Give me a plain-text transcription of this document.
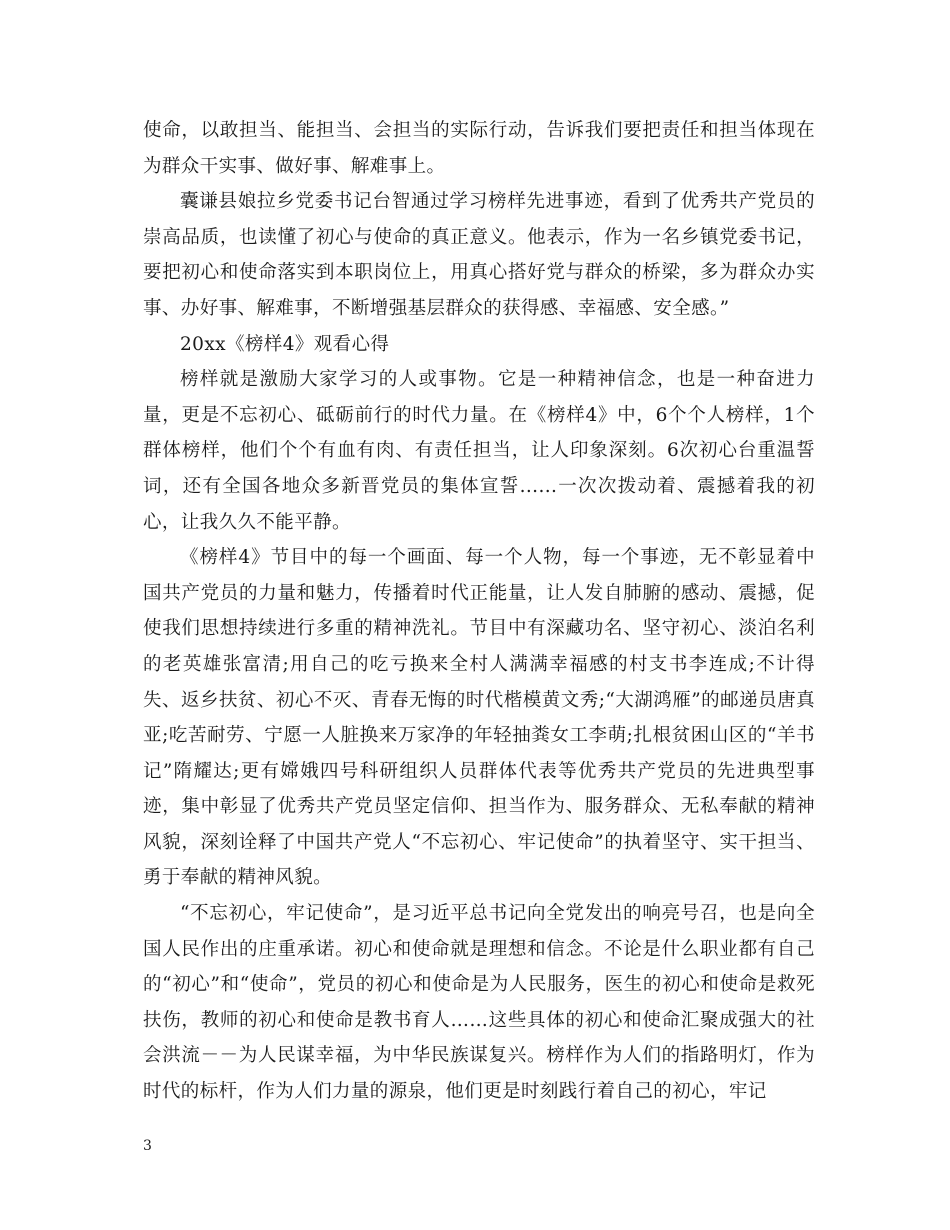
使命，以敢担当、能担当、会担当的实际行动，告诉我们要把责任和担当体现在为群众干实事、做好事、解难事上。

囊谦县娘拉乡党委书记台智通过学习榜样先进事迹，看到了优秀共产党员的崇高品质，也读懂了初心与使命的真正意义。他表示，作为一名乡镇党委书记，要把初心和使命落实到本职岗位上，用真心搭好党与群众的桥梁，多为群众办实事、办好事、解难事，不断增强基层群众的获得感、幸福感、安全感。”

20xx《榜样4》观看心得

榜样就是激励大家学习的人或事物。它是一种精神信念，也是一种奋进力量，更是不忘初心、砥砺前行的时代力量。在《榜样4》中，6个个人榜样，1个群体榜样，他们个个有血有肉、有责任担当，让人印象深刻。6次初心台重温誓词，还有全国各地众多新晋党员的集体宣誓......一次次拨动着、震撼着我的初心，让我久久不能平静。

《榜样4》节目中的每一个画面、每一个人物，每一个事迹，无不彰显着中国共产党员的力量和魅力，传播着时代正能量，让人发自肺腑的感动、震撼，促使我们思想持续进行多重的精神洗礼。节目中有深藏功名、坚守初心、淡泊名利的老英雄张富清;用自己的吃亏换来全村人满满幸福感的村支书李连成;不计得失、返乡扶贫、初心不灭、青春无悔的时代楷模黄文秀;“大湖鸿雁”的邮递员唐真亚;吃苦耐劳、宁愿一人脏换来万家净的年轻抽粪女工李萌;扎根贫困山区的“羊书记”隋耀达;更有嫦娥四号科研组织人员群体代表等优秀共产党员的先进典型事迹，集中彰显了优秀共产党员坚定信仰、担当作为、服务群众、无私奉献的精神风貌，深刻诠释了中国共产党人“不忘初心、牢记使命”的执着坚守、实干担当、勇于奉献的精神风貌。

“不忘初心，牢记使命”，是习近平总书记向全党发出的响亮号召，也是向全国人民作出的庄重承诺。初心和使命就是理想和信念。不论是什么职业都有自己的“初心”和“使命”，党员的初心和使命是为人民服务，医生的初心和使命是救死扶伤，教师的初心和使命是教书育人……这些具体的初心和使命汇聚成强大的社会洪流－－为人民谋幸福，为中华民族谋复兴。榜样作为人们的指路明灯，作为时代的标杆，作为人们力量的源泉，他们更是时刻践行着自己的初心，牢记

3
